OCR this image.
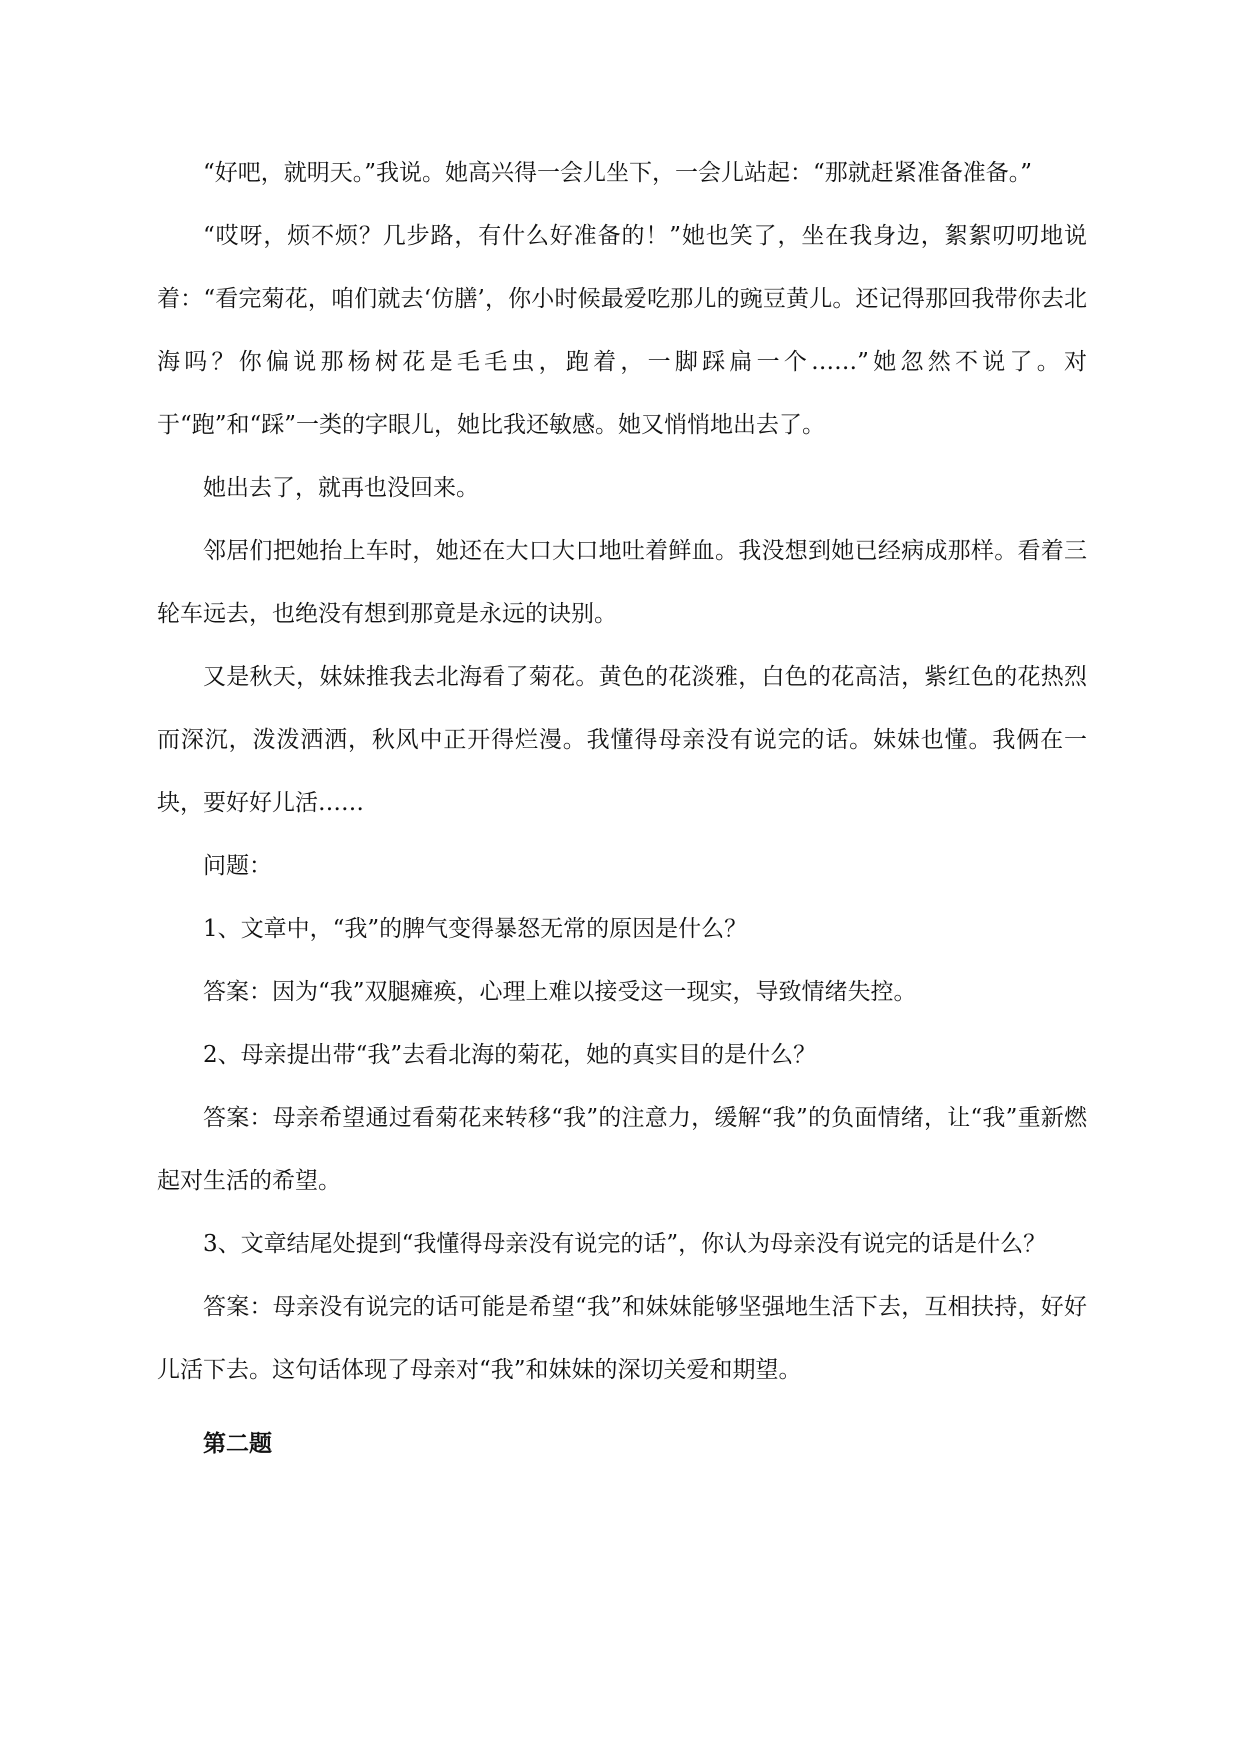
“好吧，就明天。”我说。她高兴得一会儿坐下，一会儿站起：“那就赶紧准备准备。”

“哎呀，烦不烦？几步路，有什么好准备的！”她也笑了，坐在我身边，絮絮叨叨地说着：“看完菊花，咱们就去‘仿膳’，你小时候最爱吃那儿的豌豆黄儿。还记得那回我带你去北海吗？你偏说那杨树花是毛毛虫，跑着，一脚踩扁一个……”她忽然不说了。对于“跑”和“踩”一类的字眼儿，她比我还敏感。她又悄悄地出去了。

她出去了，就再也没回来。

邻居们把她抬上车时，她还在大口大口地吐着鲜血。我没想到她已经病成那样。看着三轮车远去，也绝没有想到那竟是永远的诀别。

又是秋天，妹妹推我去北海看了菊花。黄色的花淡雅，白色的花高洁，紫红色的花热烈而深沉，泼泼洒洒，秋风中正开得烂漫。我懂得母亲没有说完的话。妹妹也懂。我俩在一块，要好好儿活……

问题：

1、文章中，“我”的脾气变得暴怒无常的原因是什么？

答案：因为“我”双腿瘫痪，心理上难以接受这一现实，导致情绪失控。

2、母亲提出带“我”去看北海的菊花，她的真实目的是什么？

答案：母亲希望通过看菊花来转移“我”的注意力，缓解“我”的负面情绪，让“我”重新燃起对生活的希望。

3、文章结尾处提到“我懂得母亲没有说完的话”，你认为母亲没有说完的话是什么？

答案：母亲没有说完的话可能是希望“我”和妹妹能够坚强地生活下去，互相扶持，好好儿活下去。这句话体现了母亲对“我”和妹妹的深切关爱和期望。

第二题
